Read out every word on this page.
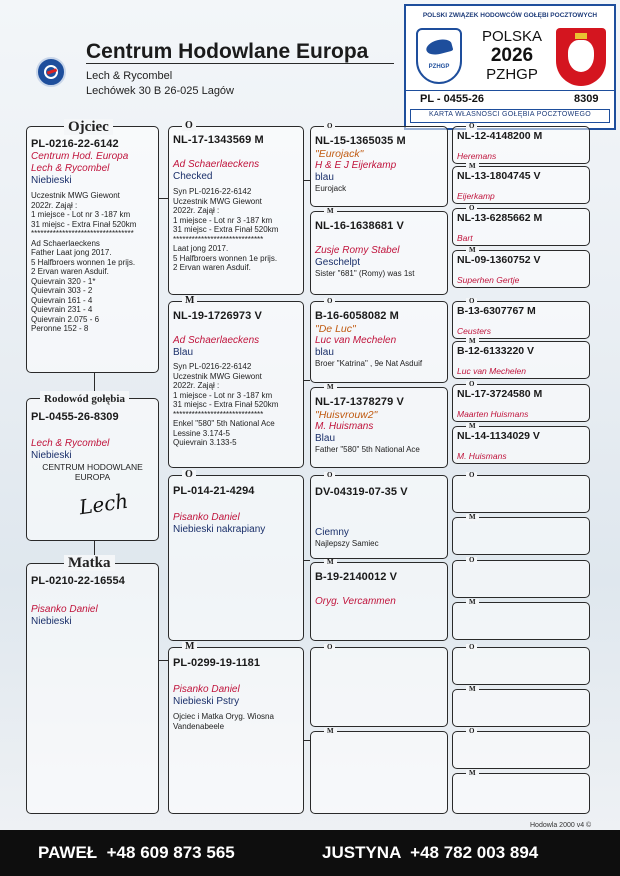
Centrum Hodowlane Europa
Lech & Rycombel
Lechówek 30 B 26-025 Lagów
POLSKI ZWIĄZEK HODOWCÓW GOŁĘBI POCZTOWYCH
PZHGP
POLSKA
2026
PZHGP
PL - 0455-26	8309
KARTA WŁASNOŚCI GOŁĘBIA POCZTOWEGO
PL-0216-22-6142
Centrum Hod. Europa
Lech & Rycombel
Niebieski
Uczestnik MWG Giewont
2022r. Zajął :
1 miejsce - Lot nr 3 -187 km
31 miejsc - Extra Finał 520km
*********************************
Ad Schaerlaeckens
Father Laat jong 2017.
5 Halfbroers wonnen 1e prijs.
2 Ervan waren Asduif.
Quievrain 320 - 1*
Quievrain 303 - 2
Quievrain 161 - 4
Quievrain 231 - 4
Quievrain 2.075 - 6
Peronne 152 - 8
Ojciec
PL-0455-26-8309
Lech & Rycombel
Niebieski
CENTRUM HODOWLANE
EUROPA
Lech
Rodowód gołębia
PL-0210-22-16554
Pisanko Daniel
Niebieski
Matka
NL-17-1343569 M
Ad Schaerlaeckens
Checked
Syn PL-0216-22-6142
Uczestnik MWG Giewont
2022r. Zajął :
1 miejsce - Lot nr 3 -187 km
31 miejsc - Extra Finał 520km
*****************************
Laat jong 2017.
5 Halfbroers wonnen 1e prijs.
2 Ervan waren Asduif.
O
NL-19-1726973 V
Ad Schaerlaeckens
Blau
Syn PL-0216-22-6142
Uczestnik MWG Giewont
2022r. Zajął :
1 miejsce - Lot nr 3 -187 km
31 miejsc - Extra Finał 520km
*****************************
Enkel "580" 5th National Ace
Lessine 3.174-5
Quievrain 3.133-5
M
PL-014-21-4294
Pisanko Daniel
Niebieski nakrapiany
O
PL-0299-19-1181
Pisanko Daniel
Niebieski Pstry
Ojciec i Matka Oryg. Wiosna
Vandenabeele
M
NL-15-1365035 M
"Eurojack"
H & E J Eijerkamp
blau
Eurojack
O
NL-16-1638681 V
Zusje Romy Stabel
Geschelpt
Sister "681" (Romy) was 1st
M
B-16-6058082 M
"De Luc"
Luc van Mechelen
blau
Broer "Katrina" , 9e Nat Asduif
O
NL-17-1378279 V
"Huisvrouw2"
M. Huismans
Blau
Father "580" 5th National Ace
M
DV-04319-07-35 V
Ciemny
Najlepszy Samiec
O
B-19-2140012 V
Oryg. Vercammen
M
O
M
NL-12-4148200 M
Heremans
O
NL-13-1804745 V
Eijerkamp
M
NL-13-6285662 M
Bart
O
NL-09-1360752 V
Superhen Gertje
M
B-13-6307767 M
Ceusters
O
B-12-6133220 V
Luc van Mechelen
M
NL-17-3724580 M
Maarten Huismans
O
NL-14-1134029 V
M. Huismans
M
O
M
O
M
O
M
O
M
Hodowla 2000 v4 ©
PAWEŁ  +48 609 873 565	JUSTYNA  +48 782 003 894
